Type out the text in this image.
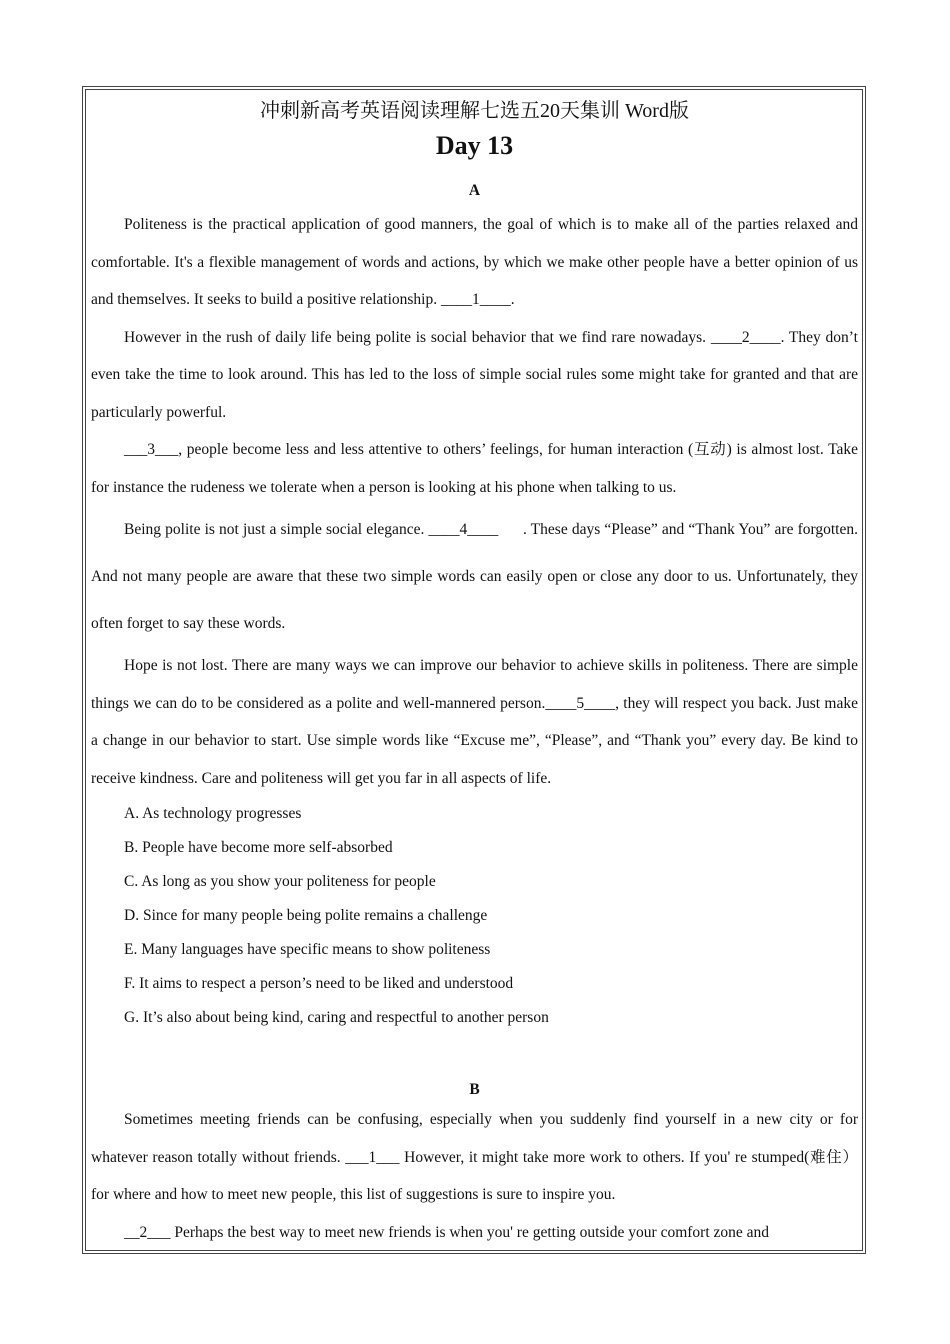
冲刺新高考英语阅读理解七选五20天集训 Word版
Day 13
A

Politeness is the practical application of good manners, the goal of which is to make all of the parties relaxed and comfortable. It's a flexible management of words and actions, by which we make other people have a better opinion of us and themselves. It seeks to build a positive relationship. ____1____.

However in the rush of daily life being polite is social behavior that we find rare nowadays. ____2____. They don’t even take the time to look around. This has led to the loss of simple social rules some might take for granted and that are particularly powerful.

___3___, people become less and less attentive to others’ feelings, for human interaction (互动) is almost lost. Take for instance the rudeness we tolerate when a person is looking at his phone when talking to us.

Being polite is not just a simple social elegance. ____4____      . These days “Please” and “Thank You” are forgotten. And not many people are aware that these two simple words can easily open or close any door to us. Unfortunately, they often forget to say these words.

Hope is not lost. There are many ways we can improve our behavior to achieve skills in politeness. There are simple things we can do to be considered as a polite and well-mannered person.____5____, they will respect you back. Just make a change in our behavior to start. Use simple words like “Excuse me”, “Please”, and “Thank you” every day. Be kind to receive kindness. Care and politeness will get you far in all aspects of life.

A. As technology progresses

B. People have become more self-absorbed

C. As long as you show your politeness for people

D. Since for many people being polite remains a challenge

E. Many languages have specific means to show politeness

F. It aims to respect a person’s need to be liked and understood

G. It’s also about being kind, caring and respectful to another person

B

Sometimes meeting friends can be confusing, especially when you suddenly find yourself in a new city or for whatever reason totally without friends. ___1___ However, it might take more work to others. If you' re stumped(难住） for where and how to meet new people, this list of suggestions is sure to inspire you.

__2___ Perhaps the best way to meet new friends is when you' re getting outside your comfort zone and
